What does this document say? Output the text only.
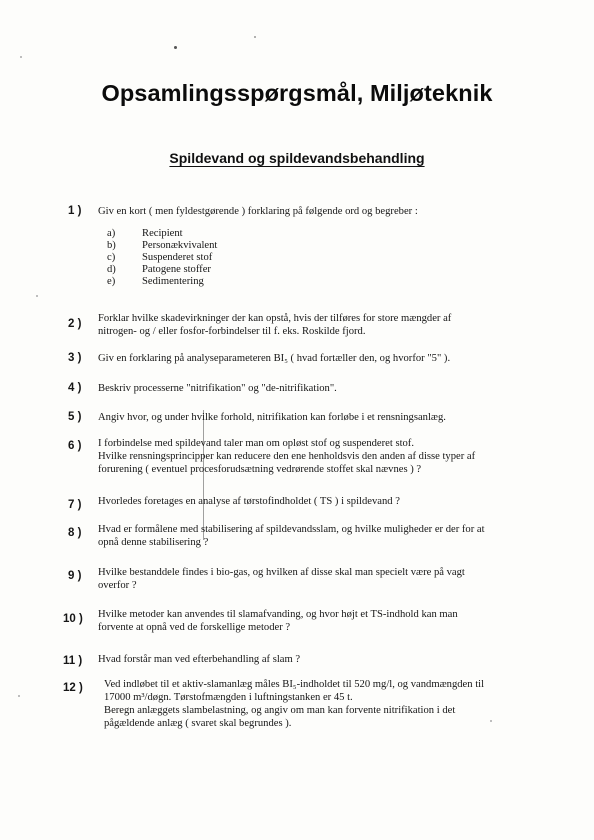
Opsamlingsspørgsmål, Miljøteknik
Spildevand og spildevandsbehandling
1 ) Giv en kort ( men fyldestgørende ) forklaring på følgende ord og begreber :
a)	Recipient
b) Personækvivalent
c)	Suspenderet stof
d) Patogene stoffer
e)	Sedimentering
2 ) Forklar hvilke skadevirkninger der kan opstå, hvis der tilføres for store mængder af
nitrogen- og / eller fosfor-forbindelser til f. eks. Roskilde fjord.
3 ) Giv en forklaring på analyseparameteren BI₅ ( hvad fortæller den, og hvorfor "5" ).
4 ) Beskriv processerne "nitrifikation" og "de-nitrifikation".
5 ) Angiv hvor, og under hvilke forhold, nitrifikation kan forløbe i et rensningsanlæg.
6 ) I forbindelse med spildevand taler man om opløst stof og suspenderet stof.
Hvilke rensningsprincipper kan reducere den ene henholdsvis den anden af disse typer af
forurening ( eventuel procesforudsætning vedrørende stoffet skal nævnes ) ?
7 ) Hvorledes foretages en analyse af tørstofindholdet ( TS ) i spildevand ?
8 ) Hvad er formålene med stabilisering af spildevandsslam, og hvilke muligheder er der for at
opnå denne stabilisering ?
9 ) Hvilke bestanddele findes i bio-gas, og hvilken af disse skal man specielt være på vagt
overfor ?
10 ) Hvilke metoder kan anvendes til slamafvanding, og hvor højt et TS-indhold kan man
forvente at opnå ved de forskellige metoder ?
11 ) Hvad forstår man ved efterbehandling af slam ?
12 ) Ved indløbet til et aktiv-slamanlæg måles BI₅-indholdet til 520 mg/l, og vandmængden til
17000 m³/døgn. Tørstofmængden i luftningstanken er 45 t.
Beregn anlæggets slambelastning, og angiv om man kan forvente nitrifikation i det
pågældende anlæg ( svaret skal begrundes ).
